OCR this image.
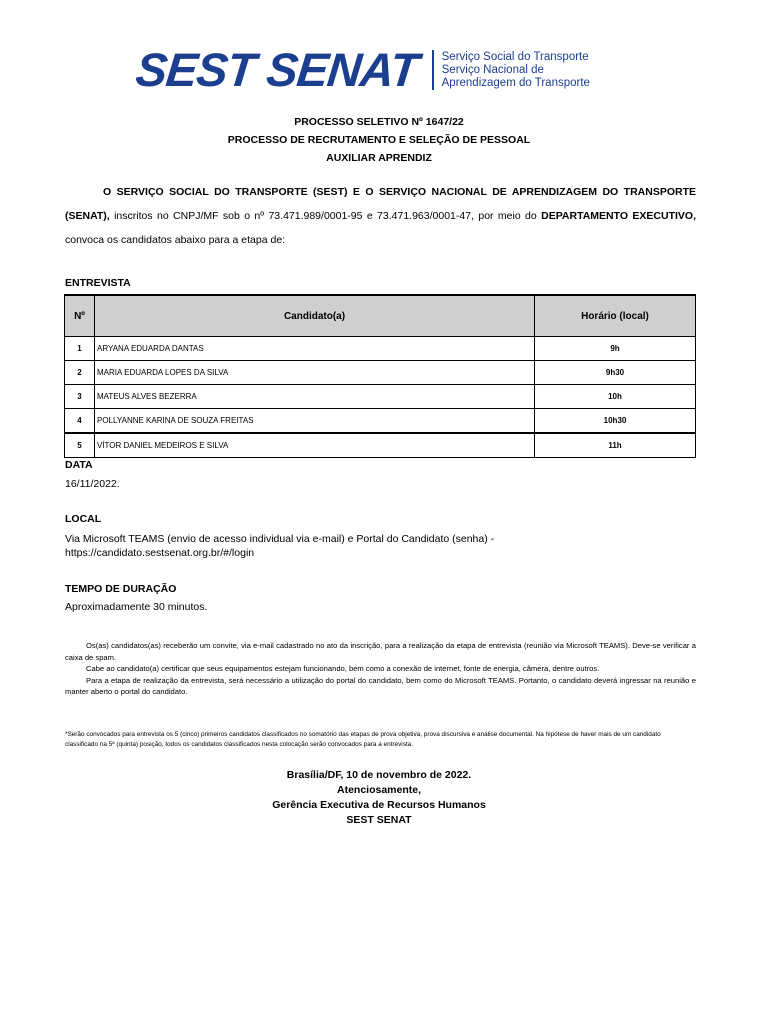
SEST SENAT Serviço Social do Transporte
Serviço Nacional de
Aprendizagem do Transporte
PROCESSO SELETIVO Nº 1647/22
PROCESSO DE RECRUTAMENTO E SELEÇÃO DE PESSOAL
AUXILIAR APRENDIZ

O SERVIÇO SOCIAL DO TRANSPORTE (SEST) E O SERVIÇO NACIONAL DE APRENDIZAGEM DO TRANSPORTE (SENAT), inscritos no CNPJ/MF sob o nº 73.471.989/0001-95 e 73.471.963/0001-47, por meio do DEPARTAMENTO EXECUTIVO, convoca os candidatos abaixo para a etapa de:

ENTREVISTA
Nº	Candidato(a)	Horário (local)
1	ARYANA EDUARDA DANTAS	9h
2	MARIA EDUARDA LOPES DA SILVA	9h30
3	MATEUS ALVES BEZERRA	10h
4	POLLYANNE KARINA DE SOUZA FREITAS	10h30
5	VÍTOR DANIEL MEDEIROS E SILVA	11h
DATA
16/11/2022.
LOCAL
Via Microsoft TEAMS (envio de acesso individual via e-mail) e Portal do Candidato (senha) -
https://candidato.sestsenat.org.br/#/login
TEMPO DE DURAÇÃO
Aproximadamente 30 minutos.

Os(as) candidatos(as) receberão um convite, via e-mail cadastrado no ato da inscrição, para a realização da etapa de entrevista (reunião via Microsoft TEAMS). Deve-se verificar a caixa de spam.

Cabe ao candidato(a) certificar que seus equipamentos estejam funcionando, bem como a conexão de internet, fonte de energia, câmera, dentre outros.

Para a etapa de realização da entrevista, será necessário a utilização do portal do candidato, bem como do Microsoft TEAMS. Portanto, o candidato deverá ingressar na reunião e manter aberto o portal do candidato.

*Serão convocados para entrevista os 5 (cinco) primeiros candidatos classificados no somatório das etapas de prova objetiva, prova discursiva e análise documental. Na hipótese de haver mais de um candidato classificado na 5ª (quinta) posição, todos os candidatos classificados nesta colocação serão convocados para a entrevista.
Brasília/DF, 10 de novembro de 2022.
Atenciosamente,
Gerência Executiva de Recursos Humanos
SEST SENAT
